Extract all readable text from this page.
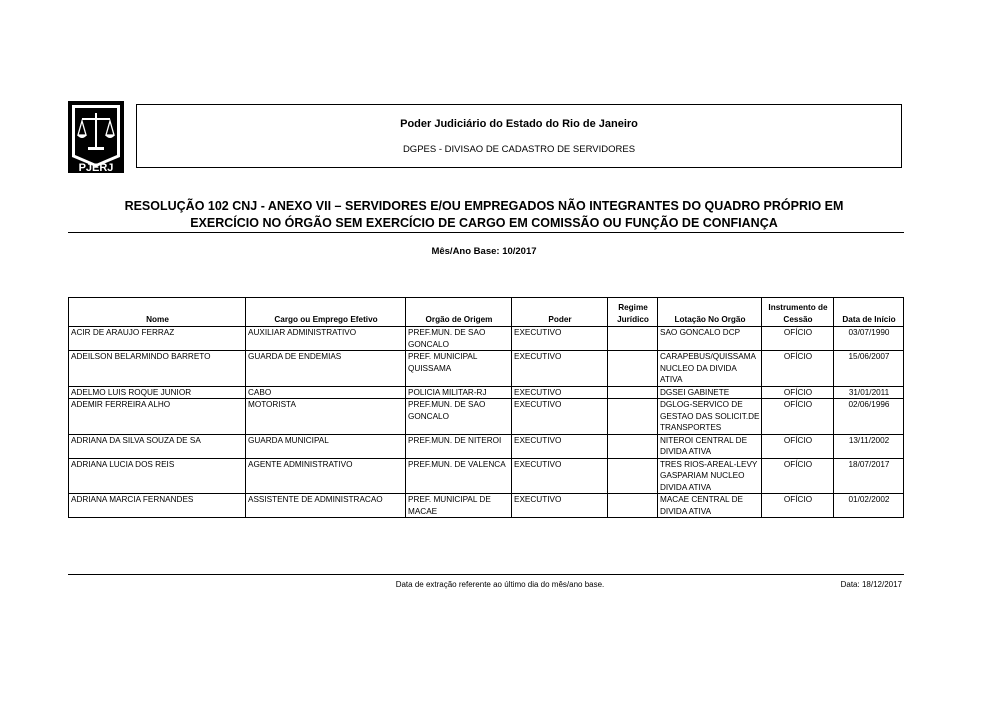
PJERJ
Poder Judiciário do Estado do Rio de Janeiro
DGPES - DIVISAO DE CADASTRO DE SERVIDORES
RESOLUÇÃO 102 CNJ - ANEXO VII – SERVIDORES E/OU EMPREGADOS NÃO INTEGRANTES DO QUADRO PRÓPRIO EM
EXERCÍCIO NO ÓRGÃO SEM EXERCÍCIO DE CARGO EM COMISSÃO OU FUNÇÃO DE CONFIANÇA
Mês/Ano Base: 10/2017
Nome	Cargo ou Emprego Efetivo	Orgão de Origem	Poder	Regime Jurídico	Lotação No Orgão	Instrumento de Cessão	Data de Início
ACIR DE ARAUJO FERRAZ	AUXILIAR ADMINISTRATIVO	PREF.MUN. DE SAO GONCALO	EXECUTIVO		SAO GONCALO DCP	OFÍCIO	03/07/1990
ADEILSON BELARMINDO BARRETO	GUARDA DE ENDEMIAS	PREF. MUNICIPAL QUISSAMA	EXECUTIVO		CARAPEBUS/QUISSAMA NUCLEO DA DIVIDA ATIVA	OFÍCIO	15/06/2007
ADELMO LUIS ROQUE JUNIOR	CABO	POLICIA MILITAR-RJ	EXECUTIVO		DGSEI GABINETE	OFÍCIO	31/01/2011
ADEMIR FERREIRA ALHO	MOTORISTA	PREF.MUN. DE SAO GONCALO	EXECUTIVO		DGLOG-SERVICO DE GESTAO DAS SOLICIT.DE TRANSPORTES	OFÍCIO	02/06/1996
ADRIANA DA SILVA SOUZA DE SA	GUARDA MUNICIPAL	PREF.MUN. DE NITEROI	EXECUTIVO		NITEROI CENTRAL DE DIVIDA ATIVA	OFÍCIO	13/11/2002
ADRIANA LUCIA DOS REIS	AGENTE ADMINISTRATIVO	PREF.MUN. DE VALENCA	EXECUTIVO		TRES RIOS-AREAL-LEVY GASPARIAM NUCLEO DIVIDA ATIVA	OFÍCIO	18/07/2017
ADRIANA MARCIA FERNANDES	ASSISTENTE DE ADMINISTRACAO	PREF. MUNICIPAL DE MACAE	EXECUTIVO		MACAE CENTRAL DE DIVIDA ATIVA	OFÍCIO	01/02/2002
Data de extração referente ao último dia do mês/ano base.	Data: 18/12/2017
